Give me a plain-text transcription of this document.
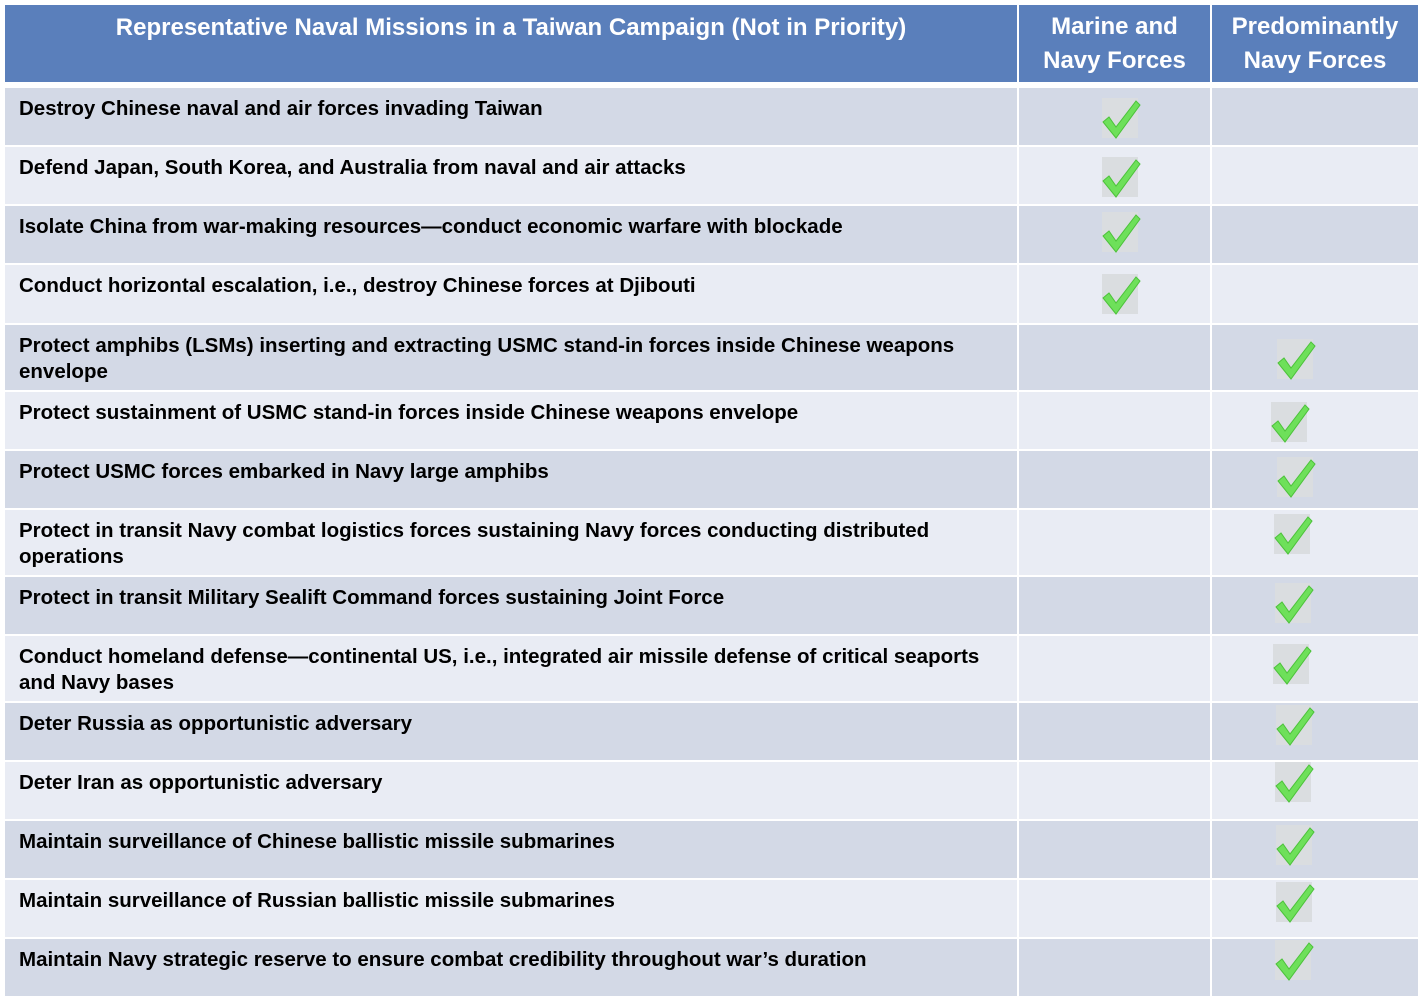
Representative Naval Missions in a Taiwan Campaign (Not in Priority)	Marine and Navy Forces
Predominantly Navy Forces
Destroy Chinese naval and air forces invading Taiwan
Defend Japan, South Korea, and Australia from naval and air attacks
Isolate China from war-making resources—conduct economic warfare with blockade
Conduct horizontal escalation, i.e., destroy Chinese forces at Djibouti
Protect amphibs (LSMs) inserting and extracting USMC stand-in forces inside Chinese weapons envelope
Protect sustainment of USMC stand-in forces inside Chinese weapons envelope
Protect USMC forces embarked in Navy large amphibs
Protect in transit Navy combat logistics forces sustaining Navy forces conducting distributed operations
Protect in transit Military Sealift Command forces sustaining Joint Force
Conduct homeland defense—continental US, i.e., integrated air missile defense of critical seaports and Navy bases
Deter Russia as opportunistic adversary
Deter Iran as opportunistic adversary
Maintain surveillance of Chinese ballistic missile submarines
Maintain surveillance of Russian ballistic missile submarines
Maintain Navy strategic reserve to ensure combat credibility throughout war’s duration
